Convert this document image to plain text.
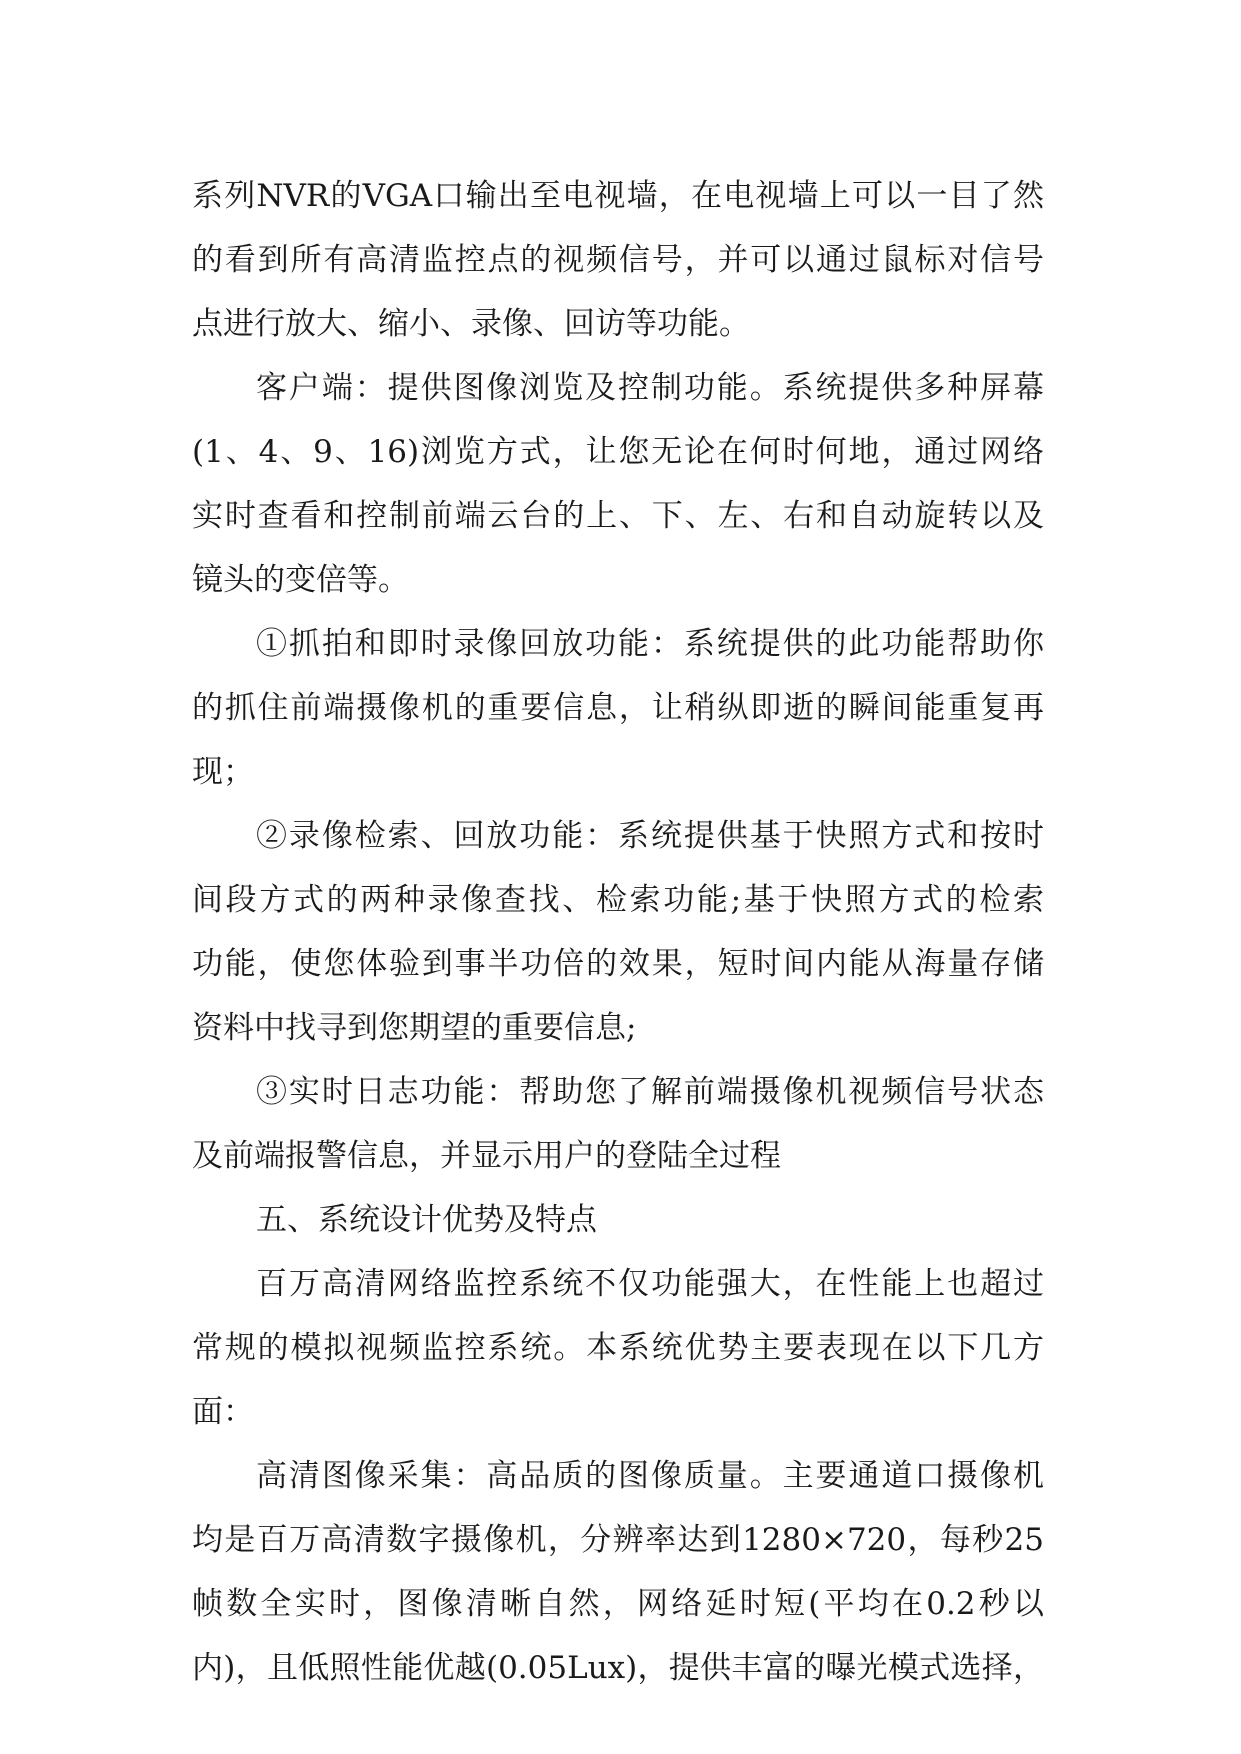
系列NVR的VGA口输出至电视墙，在电视墙上可以一目了然
的看到所有高清监控点的视频信号，并可以通过鼠标对信号
点进行放大、缩小、录像、回访等功能。
客户端：提供图像浏览及控制功能。系统提供多种屏幕
(1、4、9、16)浏览方式，让您无论在何时何地，通过网络
实时查看和控制前端云台的上、下、左、右和自动旋转以及
镜头的变倍等。
①抓拍和即时录像回放功能：系统提供的此功能帮助你
的抓住前端摄像机的重要信息，让稍纵即逝的瞬间能重复再
现；
②录像检索、回放功能：系统提供基于快照方式和按时
间段方式的两种录像查找、检索功能;基于快照方式的检索
功能，使您体验到事半功倍的效果，短时间内能从海量存储
资料中找寻到您期望的重要信息;
③实时日志功能：帮助您了解前端摄像机视频信号状态
及前端报警信息，并显示用户的登陆全过程
五、系统设计优势及特点
百万高清网络监控系统不仅功能强大，在性能上也超过
常规的模拟视频监控系统。本系统优势主要表现在以下几方
面：
高清图像采集：高品质的图像质量。主要通道口摄像机
均是百万高清数字摄像机，分辨率达到1280×720，每秒25
帧数全实时，图像清晰自然，网络延时短(平均在0.2秒以
内)，且低照性能优越(0.05Lux)，提供丰富的曝光模式选择，
